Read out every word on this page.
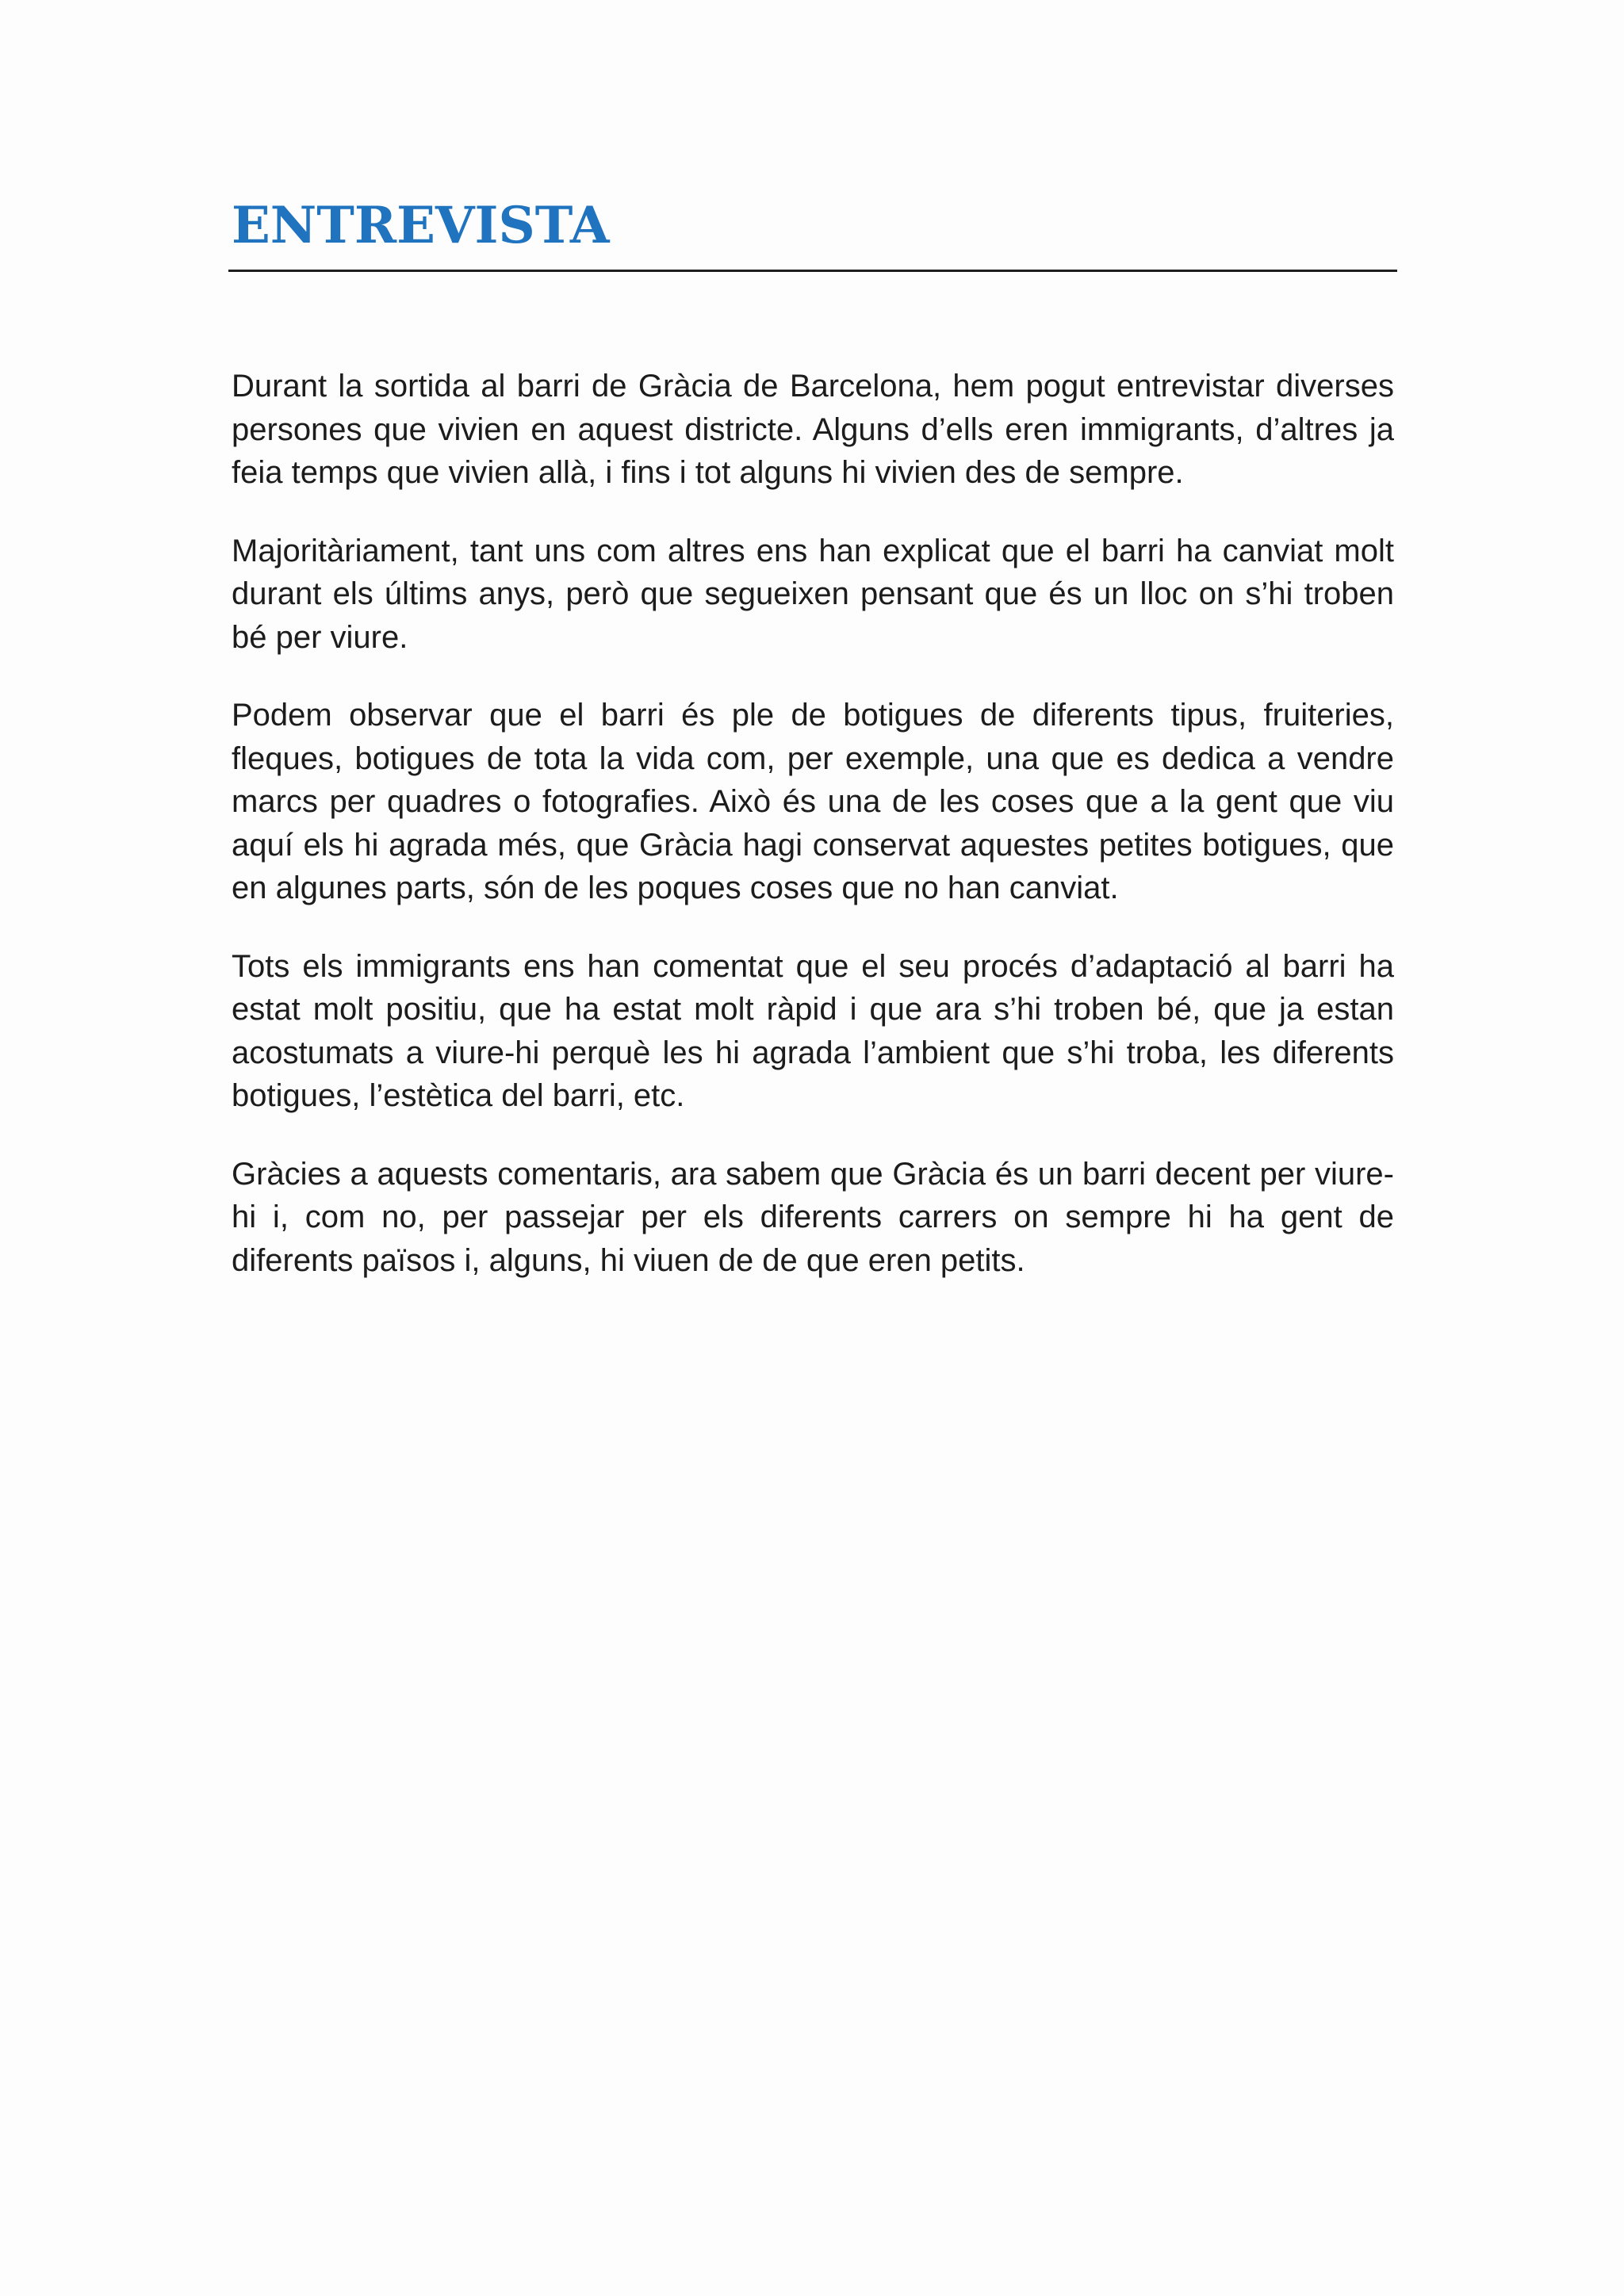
ENTREVISTA

Durant la sortida al barri de Gràcia de Barcelona, hem pogut entrevistar diverses persones que vivien en aquest districte. Alguns d’ells eren immigrants, d’altres ja feia temps que vivien allà, i fins i tot alguns hi vivien des de sempre.

Majoritàriament, tant uns com altres ens han explicat que el barri ha canviat molt durant els últims anys, però que segueixen pensant que és un lloc on s’hi troben bé per viure.

Podem observar que el barri és ple de botigues de diferents tipus, fruiteries, fleques, botigues de tota la vida com, per exemple, una que es dedica a vendre marcs per quadres o fotografies. Això és una de les coses que a la gent que viu aquí els hi agrada més, que Gràcia hagi conservat aquestes petites botigues, que en algunes parts, són de les poques coses que no han canviat.

Tots els immigrants ens han comentat que el seu procés d’adaptació al barri ha estat molt positiu, que ha estat molt ràpid i que ara s’hi troben bé, que ja estan acostumats a viure-hi perquè les hi agrada l’ambient que s’hi troba, les diferents botigues, l’estètica del barri, etc.

Gràcies a aquests comentaris, ara sabem que Gràcia és un barri decent per viure-hi i, com no, per passejar per els diferents carrers on sempre hi ha gent de diferents països i, alguns, hi viuen de de que eren petits.
